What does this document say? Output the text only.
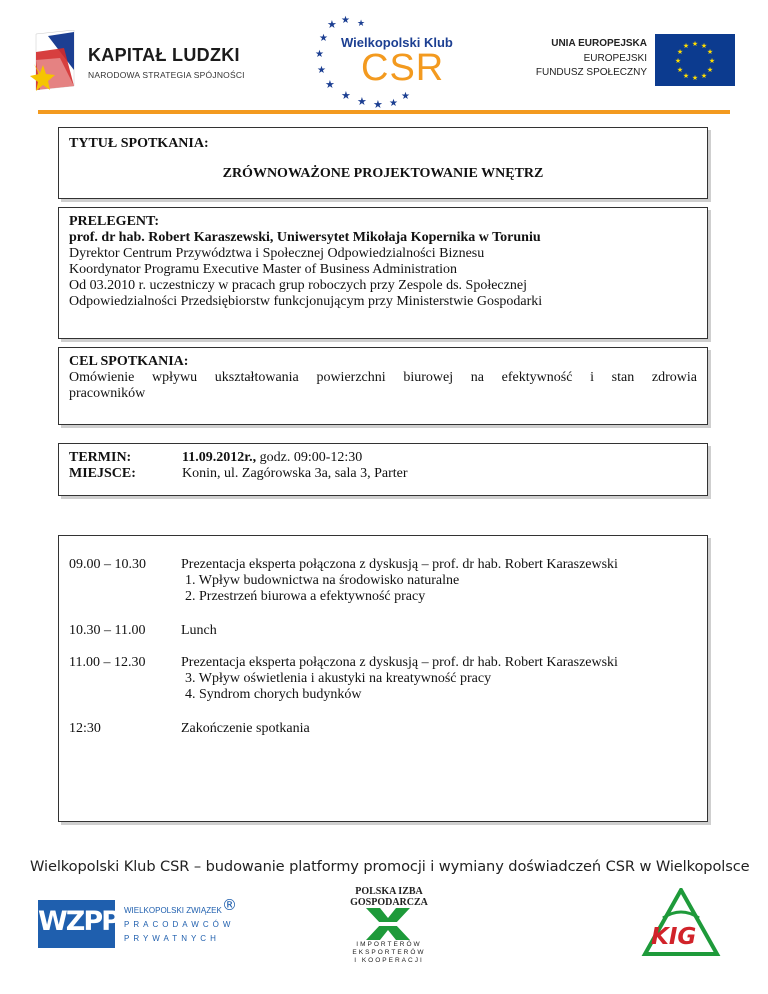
KAPITAŁ LUDZKI
NARODOWA STRATEGIA SPÓJNOŚCI
★ ★ ★
★
★
★
★
★ ★ ★ ★
★
Wielkopolski Klub
CSR
UNIA EUROPEJSKA
EUROPEJSKI
FUNDUSZ SPOŁECZNY
★ ★
★
★
★
★
★
★
★
★
★
★
TYTUŁ SPOTKANIA:
ZRÓWNOWAŻONE PROJEKTOWANIE WNĘTRZ
PRELEGENT:
prof. dr hab. Robert Karaszewski, Uniwersytet Mikołaja Kopernika w Toruniu
Dyrektor Centrum Przywództwa i Społecznej Odpowiedzialności Biznesu
Koordynator Programu Executive Master of Business Administration
Od 03.2010 r. uczestniczy w pracach grup roboczych przy Zespole ds. Społecznej
Odpowiedzialności Przedsiębiorstw funkcjonującym przy Ministerstwie Gospodarki
CEL SPOTKANIA:
Omówienie wpływu ukształtowania powierzchni biurowej na efektywność i stan zdrowia
pracowników
TERMIN:	11.09.2012r., godz. 09:00-12:30
MIEJSCE:	Konin, ul. Zagórowska 3a, sala 3, Parter
09.00 – 10.30	Prezentacja eksperta połączona z dyskusją – prof. dr hab. Robert Karaszewski
1. Wpływ budownictwa na środowisko naturalne
2. Przestrzeń biurowa a efektywność pracy
10.30 – 11.00	Lunch
11.00 – 12.30	Prezentacja eksperta połączona z dyskusją – prof. dr hab. Robert Karaszewski
3. Wpływ oświetlenia i akustyki na kreatywność pracy
4. Syndrom chorych budynków
12:30	Zakończenie spotkania
Wielkopolski Klub CSR – budowanie platformy promocji i wymiany doświadczeń CSR w Wielkopolsce
WZPP WIELKOPOLSKI ZWIĄZEK
PRACODAWCÓW
PRYWATNYCH
®
POLSKA IZBA
GOSPODARCZA
IMPORTERÓW
EKSPORTERÓW
I KOOPERACJI
KIG
